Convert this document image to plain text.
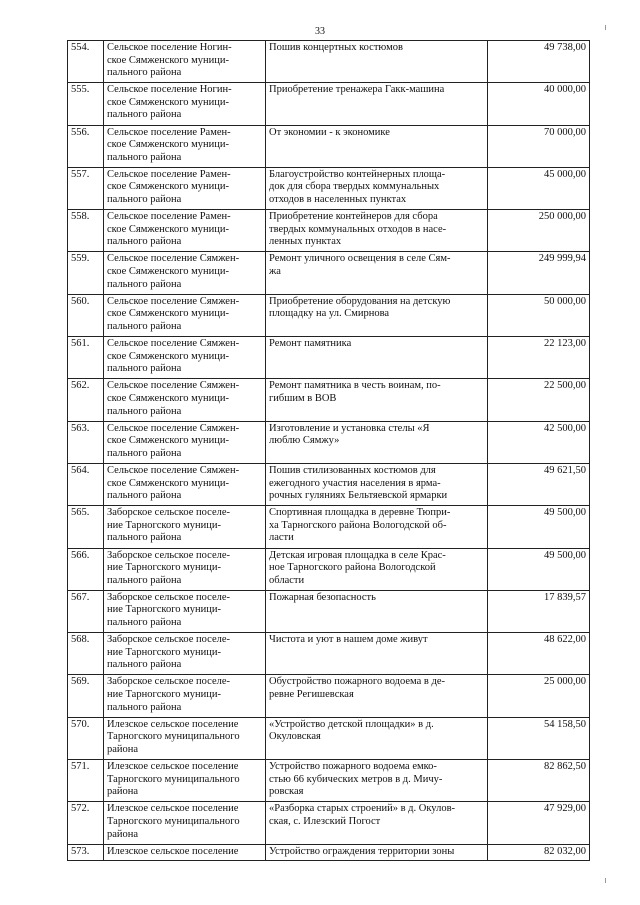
33
554.	Сельское поселение Ногин-
ское Сямженского муници-
пального района	Пошив концертных костюмов	49 738,00
555.	Сельское поселение Ногин-
ское Сямженского муници-
пального района	Приобретение тренажера Гакк-машина	40 000,00
556.	Сельское поселение Рамен-
ское Сямженского муници-
пального района	От экономии - к экономике	70 000,00
557.	Сельское поселение Рамен-
ское Сямженского муници-
пального района	Благоустройство контейнерных площа-
док для сбора твердых коммунальных
отходов в населенных пунктах	45 000,00
558.	Сельское поселение Рамен-
ское Сямженского муници-
пального района	Приобретение контейнеров для сбора
твердых коммунальных отходов в насе-
ленных пунктах	250 000,00
559.	Сельское поселение Сямжен-
ское Сямженского муници-
пального района	Ремонт уличного освещения в селе Сям-
жа	249 999,94
560.	Сельское поселение Сямжен-
ское Сямженского муници-
пального района	Приобретение оборудования на детскую
площадку на ул. Смирнова	50 000,00
561.	Сельское поселение Сямжен-
ское Сямженского муници-
пального района	Ремонт памятника	22 123,00
562.	Сельское поселение Сямжен-
ское Сямженского муници-
пального района	Ремонт памятника в честь воинам, по-
гибшим в ВОВ	22 500,00
563.	Сельское поселение Сямжен-
ское Сямженского муници-
пального района	Изготовление и установка стелы «Я
люблю Сямжу»	42 500,00
564.	Сельское поселение Сямжен-
ское Сямженского муници-
пального района	Пошив стилизованных костюмов для
ежегодного участия населения в ярма-
рочных гуляниях Бельтяевской ярмарки	49 621,50
565.	Заборское сельское поселе-
ние Тарногского муници-
пального района	Спортивная площадка в деревне Тюпри-
ха Тарногского района Вологодской об-
ласти	49 500,00
566.	Заборское сельское поселе-
ние Тарногского муници-
пального района	Детская игровая площадка в селе Крас-
ное Тарногского района Вологодской
области	49 500,00
567.	Заборское сельское поселе-
ние Тарногского муници-
пального района	Пожарная безопасность	17 839,57
568.	Заборское сельское поселе-
ние Тарногского муници-
пального района	Чистота и уют в нашем доме живут	48 622,00
569.	Заборское сельское поселе-
ние Тарногского муници-
пального района	Обустройство пожарного водоема в де-
ревне Регишевская	25 000,00
570.	Илезское сельское поселение
Тарногского муниципального
района	«Устройство детской площадки» в д.
Окуловская	54 158,50
571.	Илезское сельское поселение
Тарногского муниципального
района	Устройство пожарного водоема емко-
стью 66 кубических метров в д. Мичу-
ровская	82 862,50
572.	Илезское сельское поселение
Тарногского муниципального
района	«Разборка старых строений» в д. Окулов-
ская, с. Илезский Погост	47 929,00
573.	Илезское сельское поселение	Устройство ограждения территории зоны	82 032,00
